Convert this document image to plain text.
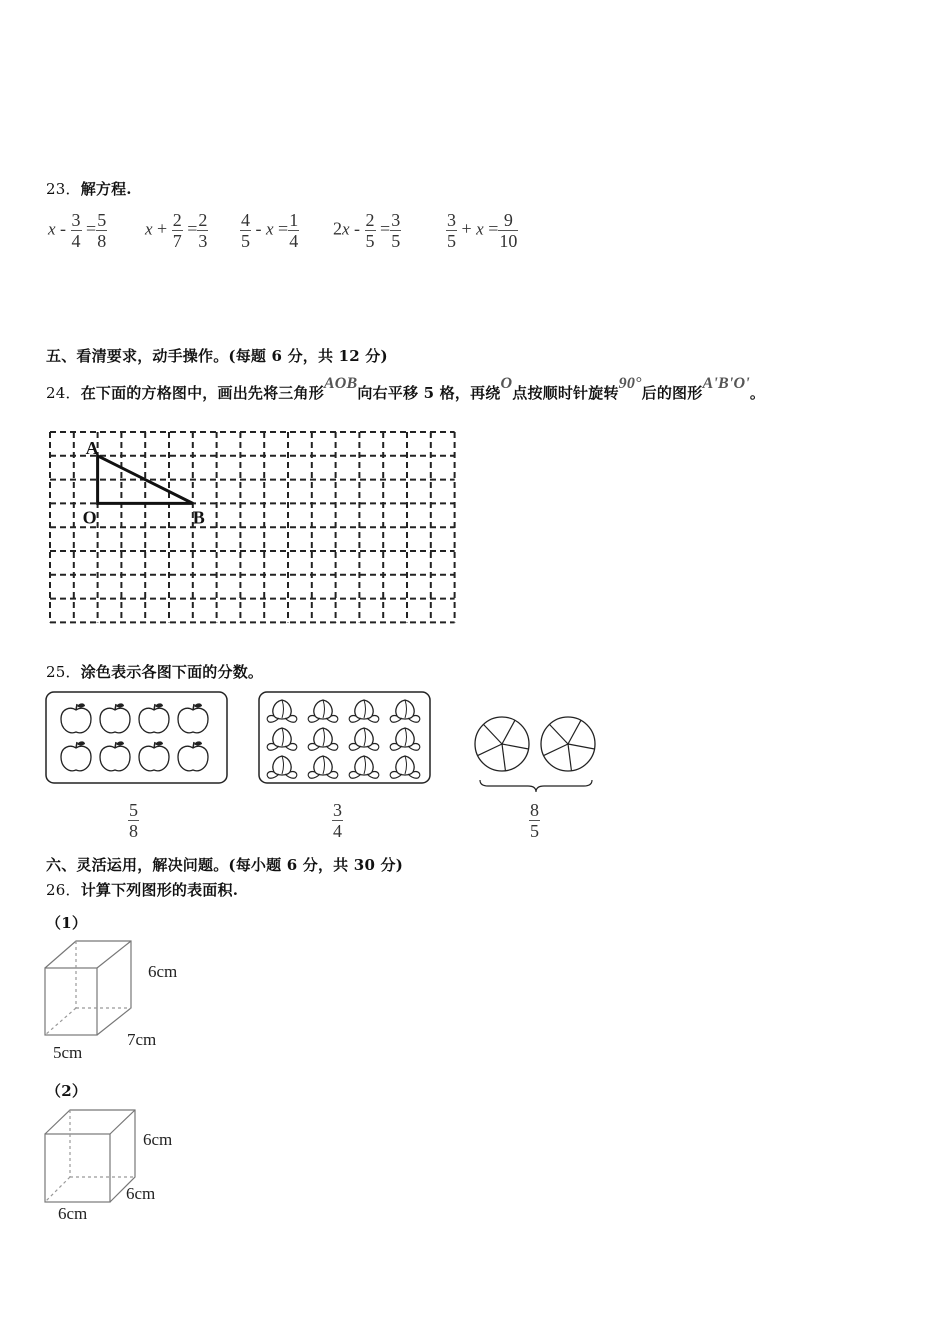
23．解方程.
$x - \frac{3}{4} = \frac{5}{8}$ $x + \frac{2}{7} = \frac{2}{3} \frac{4}{5} - x = \frac{1}{4} 2x - \frac{2}{5} = \frac{3}{5} \frac{3}{5} + x = \frac{9}{10}$
五、看清要求，动手操作。(每题 6 分，共 12 分)
24．在下面的方格图中，画出先将三角形AOB向右平移 5 格，再绕O点按顺时针旋转90°后的图形A'B'O'。
A
O	B
25．涂色表示各图下面的分数。
$\frac{5}{8}$	$\frac{3}{4}$	$\frac{8}{5}$
六、灵活运用，解决问题。(每小题 6 分，共 30 分)
26．计算下列图形的表面积.
（1）
6cm
7cm
5cm
（2）
6cm
6cm
6cm
